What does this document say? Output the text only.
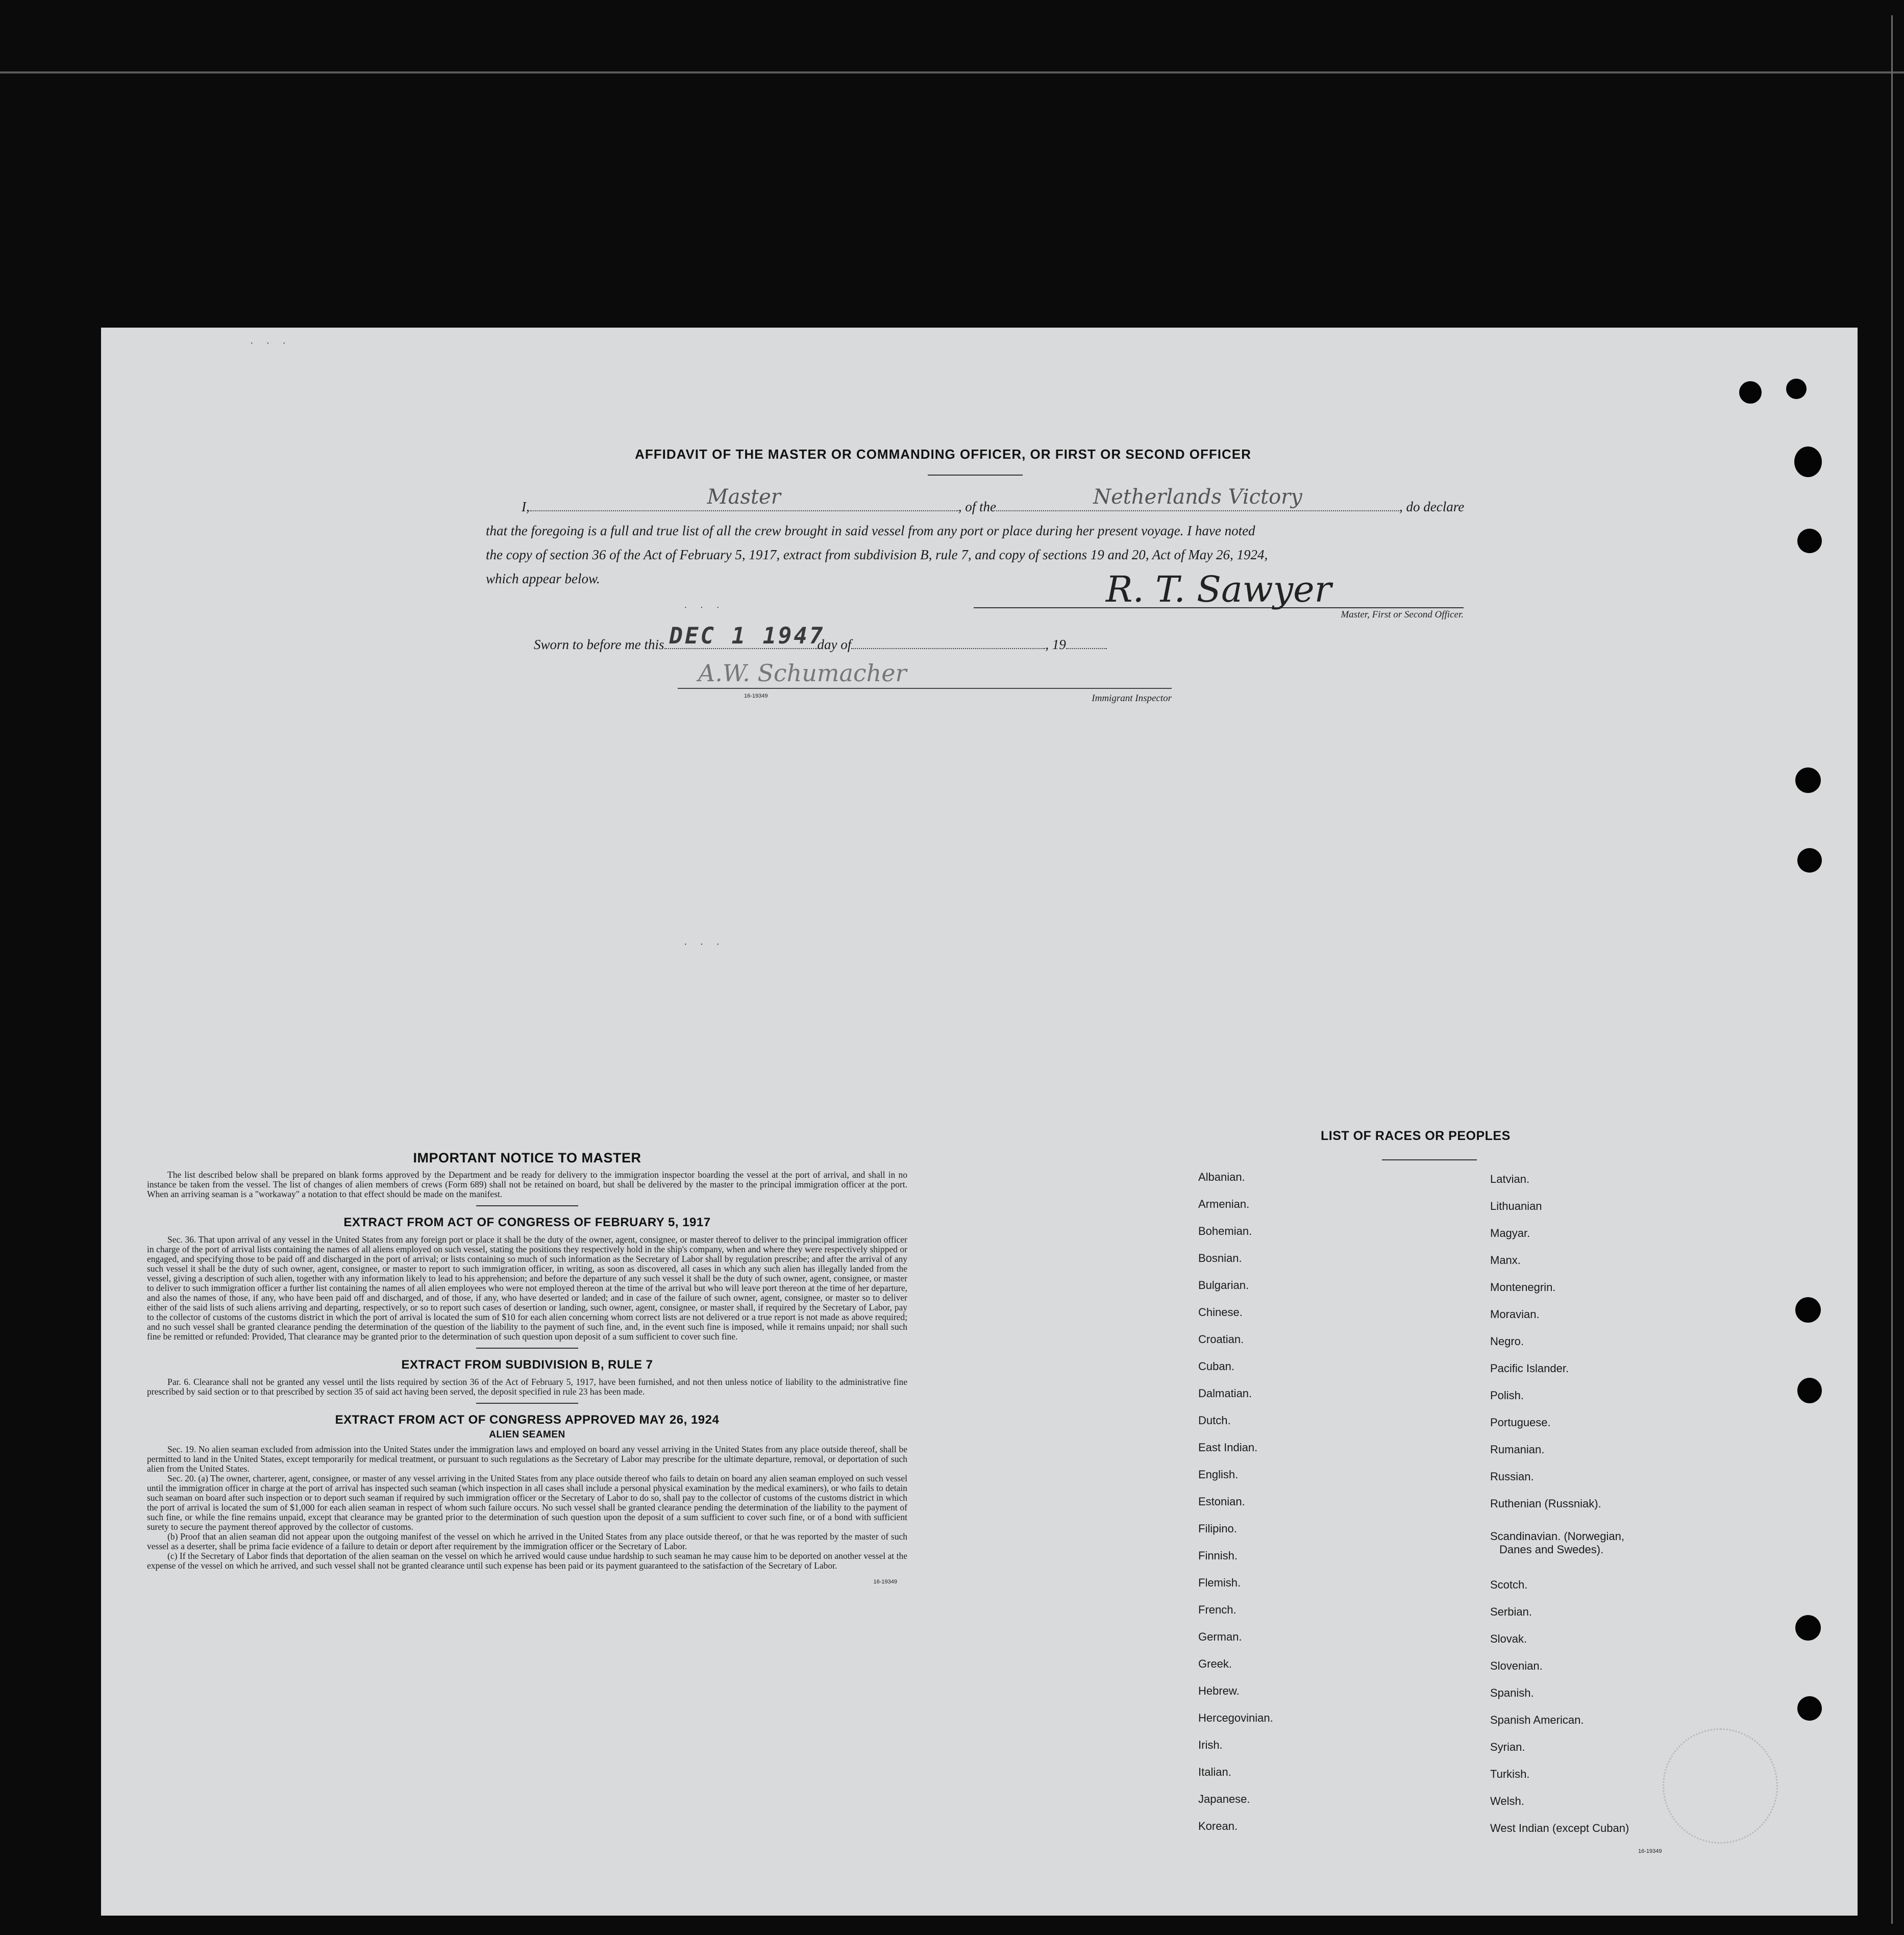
· · ·
· · ·
· · ·
AFFIDAVIT OF THE MASTER OR COMMANDING OFFICER, OR FIRST OR SECOND OFFICER
I,	Master	, of the	Netherlands Victory	, do declare
that the foregoing is a full and true list of all the crew brought in said vessel from any port or place during her present voyage. I have noted
the copy of section 36 of the Act of February 5, 1917, extract from subdivision B, rule 7, and copy of sections 19 and 20, Act of May 26, 1924,
which appear below.	R. T. Sawyer
Master, First or Second Officer.
Sworn to before me this DEC 1 1947
day of	, 19
A.W. Schumacher
16-19349	Immigrant Inspector
IMPORTANT NOTICE TO MASTER

The list described below shall be prepared on blank forms approved by the Department and be ready for delivery to the immigration inspector boarding the vessel at the port of arrival, and shall in no instance be taken from the vessel. The list of changes of alien members of crews (Form 689) shall not be retained on board, but shall be delivered by the master to the principal immigration officer at the port. When an arriving seaman is a "workaway" a notation to that effect should be made on the manifest.

EXTRACT FROM ACT OF CONGRESS OF FEBRUARY 5, 1917

Sec. 36. That upon arrival of any vessel in the United States from any foreign port or place it shall be the duty of the owner, agent, consignee, or master thereof to deliver to the principal immigration officer in charge of the port of arrival lists containing the names of all aliens employed on such vessel, stating the positions they respectively hold in the ship's company, when and where they were respectively shipped or engaged, and specifying those to be paid off and discharged in the port of arrival; or lists containing so much of such information as the Secretary of Labor shall by regulation prescribe; and after the arrival of any such vessel it shall be the duty of such owner, agent, consignee, or master to report to such immigration officer, in writing, as soon as discovered, all cases in which any such alien has illegally landed from the vessel, giving a description of such alien, together with any information likely to lead to his apprehension; and before the departure of any such vessel it shall be the duty of such owner, agent, consignee, or master to deliver to such immigration officer a further list containing the names of all alien employees who were not employed thereon at the time of the arrival but who will leave port thereon at the time of her departure, and also the names of those, if any, who have been paid off and discharged, and of those, if any, who have deserted or landed; and in case of the failure of such owner, agent, consignee, or master so to deliver either of the said lists of such aliens arriving and departing, respectively, or so to report such cases of desertion or landing, such owner, agent, consignee, or master shall, if required by the Secretary of Labor, pay to the collector of customs of the customs district in which the port of arrival is located the sum of $10 for each alien concerning whom correct lists are not delivered or a true report is not made as above required; and no such vessel shall be granted clearance pending the determination of the question of the liability to the payment of such fine, and, in the event such fine is imposed, while it remains unpaid; nor shall such fine be remitted or refunded: Provided, That clearance may be granted prior to the determination of such question upon deposit of a sum sufficient to cover such fine.

EXTRACT FROM SUBDIVISION B, RULE 7

Par. 6. Clearance shall not be granted any vessel until the lists required by section 36 of the Act of February 5, 1917, have been furnished, and not then unless notice of liability to the administrative fine prescribed by said section or to that prescribed by section 35 of said act having been served, the deposit specified in rule 23 has been made.

EXTRACT FROM ACT OF CONGRESS APPROVED MAY 26, 1924
ALIEN SEAMEN

Sec. 19. No alien seaman excluded from admission into the United States under the immigration laws and employed on board any vessel arriving in the United States from any place outside thereof, shall be permitted to land in the United States, except temporarily for medical treatment, or pursuant to such regulations as the Secretary of Labor may prescribe for the ultimate departure, removal, or deportation of such alien from the United States.

Sec. 20. (a) The owner, charterer, agent, consignee, or master of any vessel arriving in the United States from any place outside thereof who fails to detain on board any alien seaman employed on such vessel until the immigration officer in charge at the port of arrival has inspected such seaman (which inspection in all cases shall include a personal physical examination by the medical examiners), or who fails to detain such seaman on board after such inspection or to deport such seaman if required by such immigration officer or the Secretary of Labor to do so, shall pay to the collector of customs of the customs district in which the port of arrival is located the sum of $1,000 for each alien seaman in respect of whom such failure occurs. No such vessel shall be granted clearance pending the determination of the liability to the payment of such fine, or while the fine remains unpaid, except that clearance may be granted prior to the determination of such question upon the deposit of a sum sufficient to cover such fine, or of a bond with sufficient surety to secure the payment thereof approved by the collector of customs.

(b) Proof that an alien seaman did not appear upon the outgoing manifest of the vessel on which he arrived in the United States from any place outside thereof, or that he was reported by the master of such vessel as a deserter, shall be prima facie evidence of a failure to detain or deport after requirement by the immigration officer or the Secretary of Labor.

(c) If the Secretary of Labor finds that deportation of the alien seaman on the vessel on which he arrived would cause undue hardship to such seaman he may cause him to be deported on another vessel at the expense of the vessel on which he arrived, and such vessel shall not be granted clearance until such expense has been paid or its payment guaranteed to the satisfaction of the Secretary of Labor.

16-19349
LIST OF RACES OR PEOPLES
Albanian.
Armenian.
Bohemian.
Bosnian.
Bulgarian.
Chinese.
Croatian.
Cuban.
Dalmatian.
Dutch.
East Indian.
English.
Estonian.
Filipino.
Finnish.
Flemish.
French.
German.
Greek.
Hebrew.
Hercegovinian.
Irish.
Italian.
Japanese.
Korean.
Latvian.
Lithuanian
Magyar.
Manx.
Montenegrin.
Moravian.
Negro.
Pacific Islander.
Polish.
Portuguese.
Rumanian.
Russian.
Ruthenian (Russniak).
Scandinavian. (Norwegian,
Danes and Swedes).
Scotch.
Serbian.
Slovak.
Slovenian.
Spanish.
Spanish American.
Syrian.
Turkish.
Welsh.
West Indian (except Cuban)
16-19349
